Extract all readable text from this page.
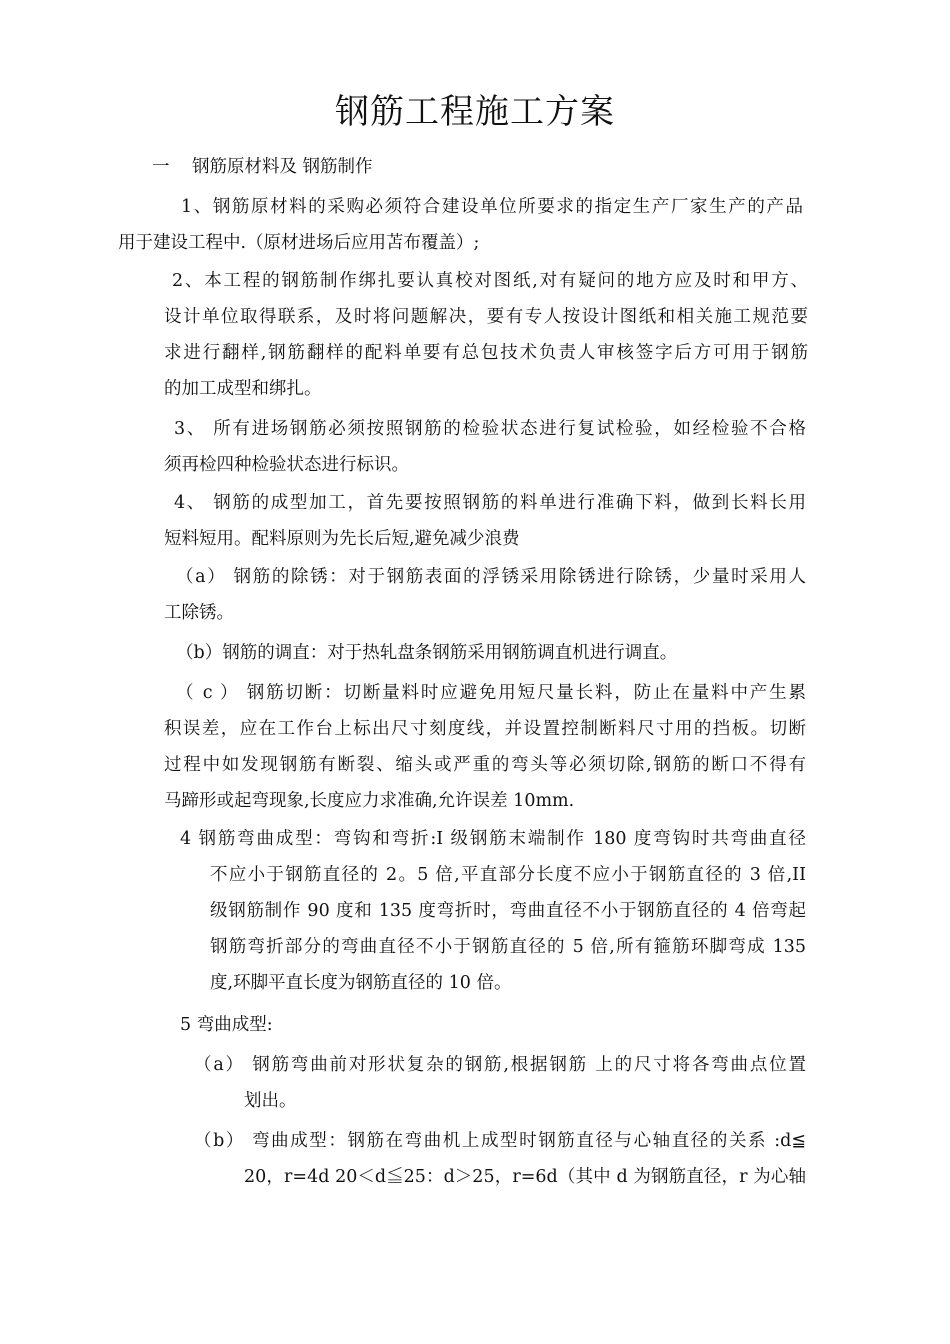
钢筋工程施工方案
一 钢筋原材料及 钢筋制作
1、钢筋原材料的采购必须符合建设单位所要求的指定生产厂家生产的产品
用于建设工程中.（原材进场后应用苫布覆盖）;
2、本工程的钢筋制作绑扎要认真校对图纸,对有疑问的地方应及时和甲方、
设计单位取得联系，及时将问题解决，要有专人按设计图纸和相关施工规范要
求进行翻样,钢筋翻样的配料单要有总包技术负责人审核签字后方可用于钢筋
的加工成型和绑扎。
3、 所有进场钢筋必须按照钢筋的检验状态进行复试检验，如经检验不合格
须再检四种检验状态进行标识。
4、 钢筋的成型加工，首先要按照钢筋的料单进行准确下料，做到长料长用
短料短用。配料原则为先长后短,避免减少浪费
（a） 钢筋的除锈：对于钢筋表面的浮锈采用除锈进行除锈，少量时采用人
工除锈。
（b）钢筋的调直：对于热轧盘条钢筋采用钢筋调直机进行调直。
（ c ） 钢筋切断：切断量料时应避免用短尺量长料，防止在量料中产生累
积误差，应在工作台上标出尺寸刻度线，并设置控制断料尺寸用的挡板。切断
过程中如发现钢筋有断裂、缩头或严重的弯头等必须切除,钢筋的断口不得有
马蹄形或起弯现象,长度应力求准确,允许误差 10mm.
4 钢筋弯曲成型：弯钩和弯折:I 级钢筋末端制作 180 度弯钩时共弯曲直径
不应小于钢筋直径的 2。5 倍,平直部分长度不应小于钢筋直径的 3 倍,II
级钢筋制作 90 度和 135 度弯折时，弯曲直径不小于钢筋直径的 4 倍弯起
钢筋弯折部分的弯曲直径不小于钢筋直径的 5 倍,所有箍筋环脚弯成 135
度,环脚平直长度为钢筋直径的 10 倍。
5 弯曲成型:
（a） 钢筋弯曲前对形状复杂的钢筋,根据钢筋 上的尺寸将各弯曲点位置
划出。
（b） 弯曲成型：钢筋在弯曲机上成型时钢筋直径与心轴直径的关系 :d≦
20，r=4d 20＜d≦25：d＞25，r=6d（其中 d 为钢筋直径，r 为心轴
